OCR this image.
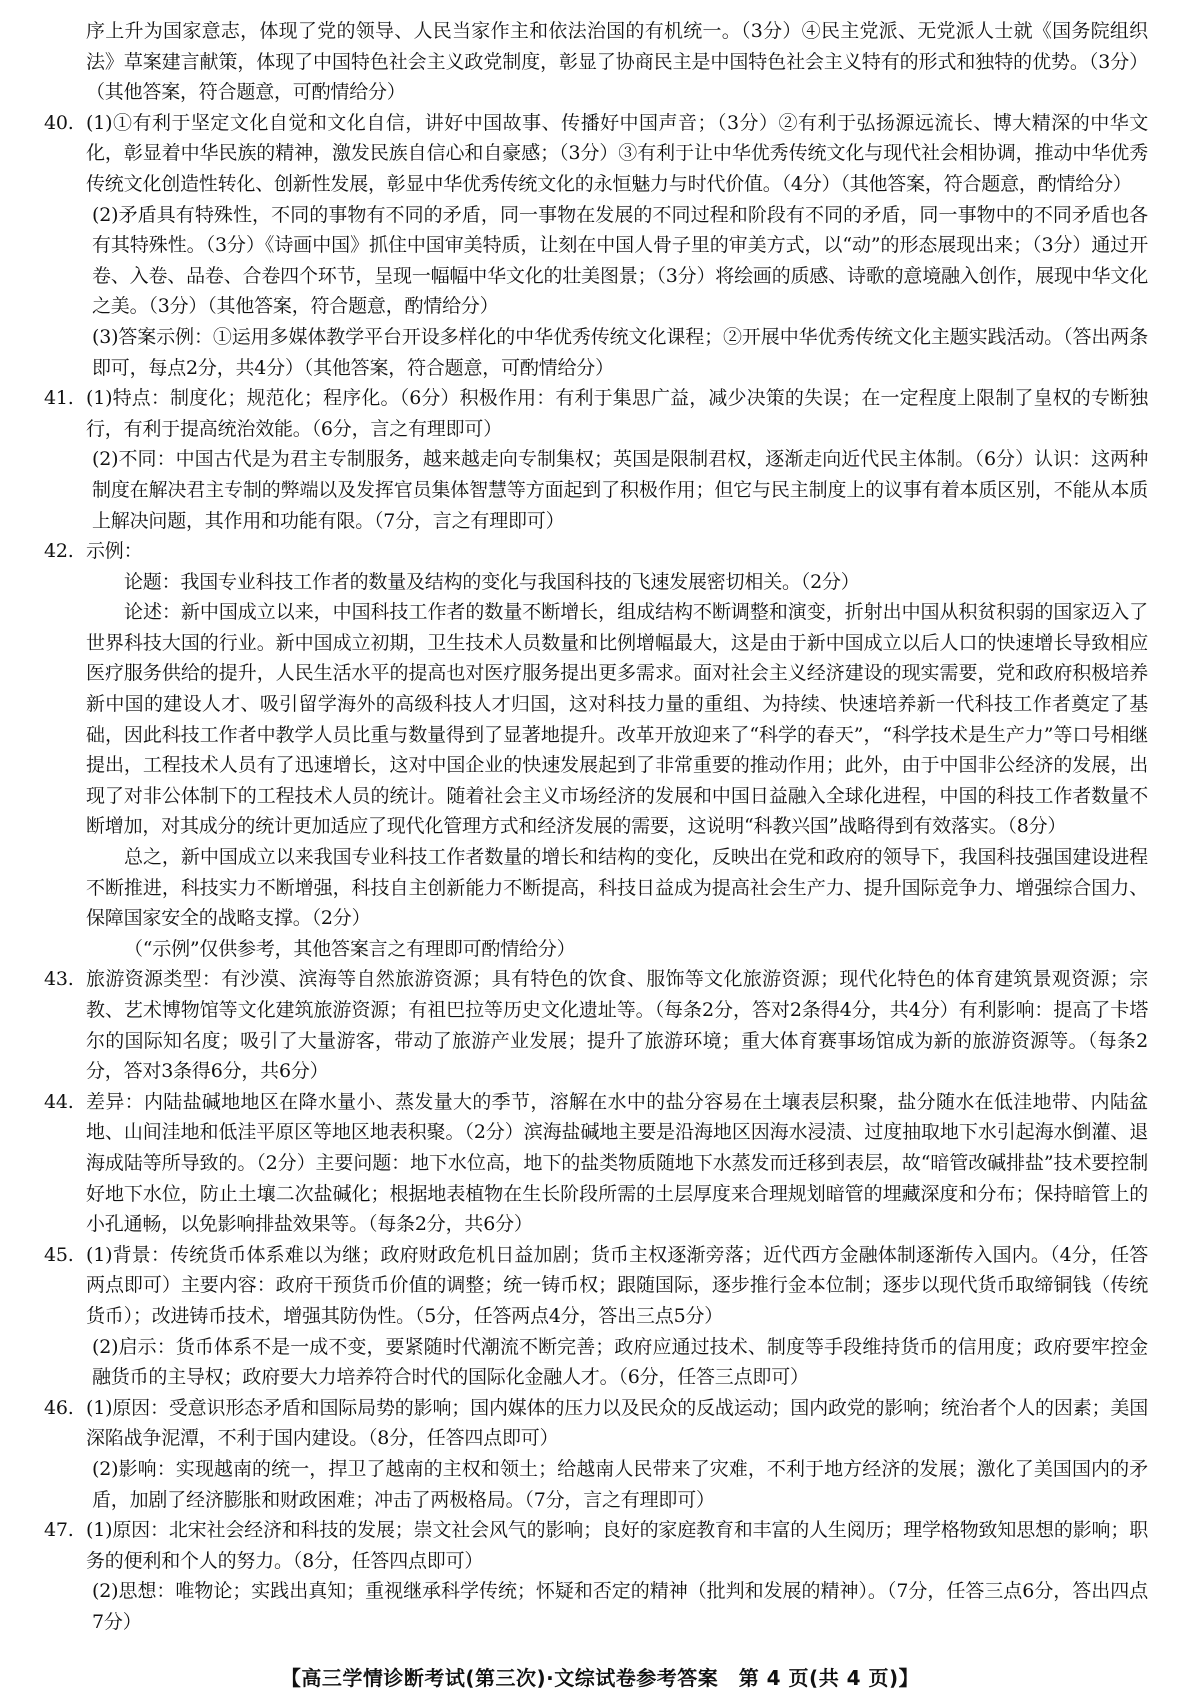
序上升为国家意志，体现了党的领导、人民当家作主和依法治国的有机统一。（3分）④民主党派、无党派人士就《国务院组织法》草案建言献策，体现了中国特色社会主义政党制度，彰显了协商民主是中国特色社会主义特有的形式和独特的优势。（3分）（其他答案，符合题意，可酌情给分）

40. (1)①有利于坚定文化自觉和文化自信，讲好中国故事、传播好中国声音；（3分）②有利于弘扬源远流长、博大精深的中华文化，彰显着中华民族的精神，激发民族自信心和自豪感；（3分）③有利于让中华优秀传统文化与现代社会相协调，推动中华优秀传统文化创造性转化、创新性发展，彰显中华优秀传统文化的永恒魅力与时代价值。（4分）（其他答案，符合题意，酌情给分）

(2)矛盾具有特殊性，不同的事物有不同的矛盾，同一事物在发展的不同过程和阶段有不同的矛盾，同一事物中的不同矛盾也各有其特殊性。（3分）《诗画中国》抓住中国审美特质，让刻在中国人骨子里的审美方式，以“动”的形态展现出来；（3分）通过开卷、入卷、品卷、合卷四个环节，呈现一幅幅中华文化的壮美图景；（3分）将绘画的质感、诗歌的意境融入创作，展现中华文化之美。（3分）（其他答案，符合题意，酌情给分）

(3)答案示例：①运用多媒体教学平台开设多样化的中华优秀传统文化课程；②开展中华优秀传统文化主题实践活动。（答出两条即可，每点2分，共4分）（其他答案，符合题意，可酌情给分）

41. (1)特点：制度化；规范化；程序化。（6分）积极作用：有利于集思广益，减少决策的失误；在一定程度上限制了皇权的专断独行，有利于提高统治效能。（6分，言之有理即可）

(2)不同：中国古代是为君主专制服务，越来越走向专制集权；英国是限制君权，逐渐走向近代民主体制。（6分）认识：这两种制度在解决君主专制的弊端以及发挥官员集体智慧等方面起到了积极作用；但它与民主制度上的议事有着本质区别，不能从本质上解决问题，其作用和功能有限。（7分，言之有理即可）

42. 示例：

论题：我国专业科技工作者的数量及结构的变化与我国科技的飞速发展密切相关。（2分）

论述：新中国成立以来，中国科技工作者的数量不断增长，组成结构不断调整和演变，折射出中国从积贫积弱的国家迈入了世界科技大国的行业。新中国成立初期，卫生技术人员数量和比例增幅最大，这是由于新中国成立以后人口的快速增长导致相应医疗服务供给的提升，人民生活水平的提高也对医疗服务提出更多需求。面对社会主义经济建设的现实需要，党和政府积极培养新中国的建设人才、吸引留学海外的高级科技人才归国，这对科技力量的重组、为持续、快速培养新一代科技工作者奠定了基础，因此科技工作者中教学人员比重与数量得到了显著地提升。改革开放迎来了“科学的春天”，“科学技术是生产力”等口号相继提出，工程技术人员有了迅速增长，这对中国企业的快速发展起到了非常重要的推动作用；此外，由于中国非公经济的发展，出现了对非公体制下的工程技术人员的统计。随着社会主义市场经济的发展和中国日益融入全球化进程，中国的科技工作者数量不断增加，对其成分的统计更加适应了现代化管理方式和经济发展的需要，这说明“科教兴国”战略得到有效落实。（8分）

总之，新中国成立以来我国专业科技工作者数量的增长和结构的变化，反映出在党和政府的领导下，我国科技强国建设进程不断推进，科技实力不断增强，科技自主创新能力不断提高，科技日益成为提高社会生产力、提升国际竞争力、增强综合国力、保障国家安全的战略支撑。（2分）

（“示例”仅供参考，其他答案言之有理即可酌情给分）

43. 旅游资源类型：有沙漠、滨海等自然旅游资源；具有特色的饮食、服饰等文化旅游资源；现代化特色的体育建筑景观资源；宗教、艺术博物馆等文化建筑旅游资源；有祖巴拉等历史文化遗址等。（每条2分，答对2条得4分，共4分）有利影响：提高了卡塔尔的国际知名度；吸引了大量游客，带动了旅游产业发展；提升了旅游环境；重大体育赛事场馆成为新的旅游资源等。（每条2分，答对3条得6分，共6分）

44. 差异：内陆盐碱地地区在降水量小、蒸发量大的季节，溶解在水中的盐分容易在土壤表层积聚，盐分随水在低洼地带、内陆盆地、山间洼地和低洼平原区等地区地表积聚。（2分）滨海盐碱地主要是沿海地区因海水浸渍、过度抽取地下水引起海水倒灌、退海成陆等所导致的。（2分）主要问题：地下水位高，地下的盐类物质随地下水蒸发而迁移到表层，故“暗管改碱排盐”技术要控制好地下水位，防止土壤二次盐碱化；根据地表植物在生长阶段所需的土层厚度来合理规划暗管的埋藏深度和分布；保持暗管上的小孔通畅，以免影响排盐效果等。（每条2分，共6分）

45. (1)背景：传统货币体系难以为继；政府财政危机日益加剧；货币主权逐渐旁落；近代西方金融体制逐渐传入国内。（4分，任答两点即可）主要内容：政府干预货币价值的调整；统一铸币权；跟随国际，逐步推行金本位制；逐步以现代货币取缔铜钱（传统货币）；改进铸币技术，增强其防伪性。（5分，任答两点4分，答出三点5分）

(2)启示：货币体系不是一成不变，要紧随时代潮流不断完善；政府应通过技术、制度等手段维持货币的信用度；政府要牢控金融货币的主导权；政府要大力培养符合时代的国际化金融人才。（6分，任答三点即可）

46. (1)原因：受意识形态矛盾和国际局势的影响；国内媒体的压力以及民众的反战运动；国内政党的影响；统治者个人的因素；美国深陷战争泥潭，不利于国内建设。（8分，任答四点即可）

(2)影响：实现越南的统一，捍卫了越南的主权和领土；给越南人民带来了灾难，不利于地方经济的发展；激化了美国国内的矛盾，加剧了经济膨胀和财政困难；冲击了两极格局。（7分，言之有理即可）

47. (1)原因：北宋社会经济和科技的发展；崇文社会风气的影响；良好的家庭教育和丰富的人生阅历；理学格物致知思想的影响；职务的便利和个人的努力。（8分，任答四点即可）

(2)思想：唯物论；实践出真知；重视继承科学传统；怀疑和否定的精神（批判和发展的精神）。（7分，任答三点6分，答出四点7分）

【高三学情诊断考试(第三次)·文综试卷参考答案　第 4 页(共 4 页)】
